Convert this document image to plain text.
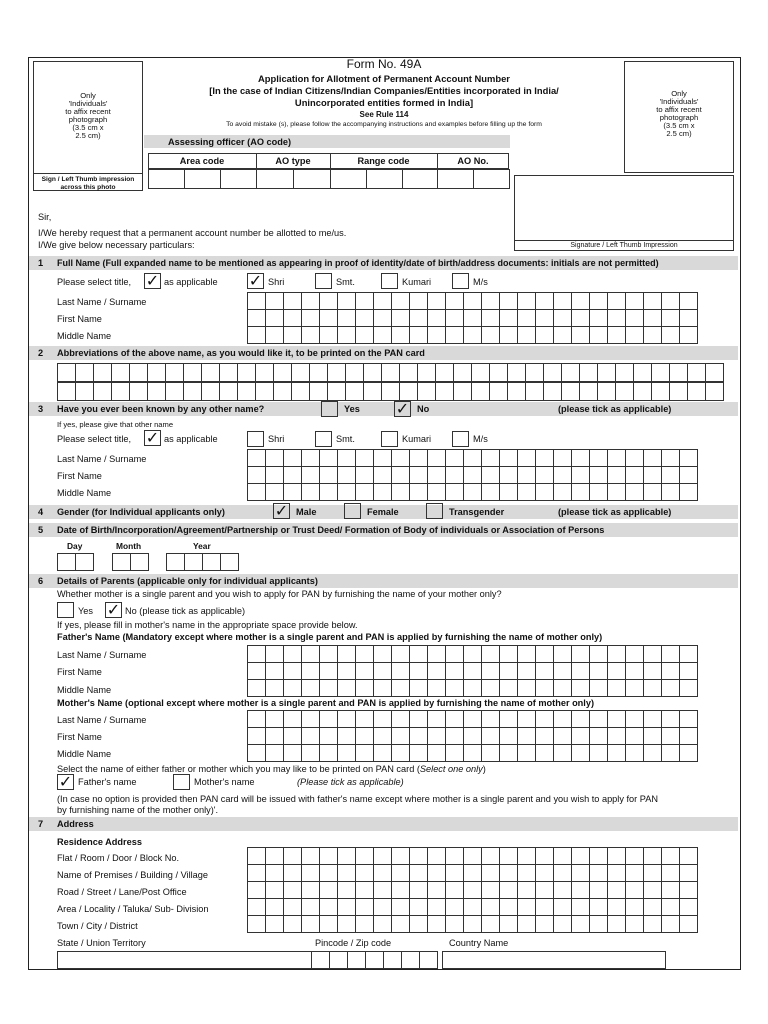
Form No. 49A
Application for Allotment of Permanent Account Number
[In the case of Indian Citizens/Indian Companies/Entities incorporated in India/
Unincorporated entities formed in India]
See Rule 114
To avoid mistake (s), please follow the accompanying instructions and examples before filling up the form
Only
'Individuals'
to affix recent
photograph
(3.5 cm x
2.5 cm)
Sign / Left Thumb impression
across this photo
Only
'Individuals'
to affix recent
photograph
(3.5 cm x
2.5 cm)
Assessing officer (AO code)
Area code	AO type	Range code	AO No.
Signature / Left Thumb Impression
Sir,
I/We hereby request that a permanent account number be allotted to me/us.
I/We give below necessary particulars:
1 Full Name (Full expanded name to be mentioned as appearing in proof of identity/date of birth/address documents: initials are not permitted)
Please select title, ✓ as applicable ✓ Shri	Smt.	Kumari	M/s
Last Name / Surname
First Name
Middle Name
2 Abbreviations of the above name, as you would like it, to be printed on the PAN card
3 Have you ever been known by any other name?	Yes ✓ No	(please tick as applicable)
If yes, please give that other name
Please select title, ✓ as applicable	Shri	Smt.	Kumari	M/s
Last Name / Surname
First Name
Middle Name
4 Gender (for Individual applicants only)	✓ Male	Female	Transgender	(please tick as applicable)
5 Date of Birth/Incorporation/Agreement/Partnership or Trust Deed/ Formation of Body of individuals or Association of Persons
Day	Month	Year
6 Details of Parents (applicable only for individual applicants)
Whether mother is a single parent and you wish to apply for PAN by furnishing the name of your mother only?
Yes ✓ No (please tick as applicable)
If yes, please fill in mother's name in the appropriate space provide below.
Father's Name (Mandatory except where mother is a single parent and PAN is applied by furnishing the name of mother only)
Last Name / Surname
First Name
Middle Name
Mother's Name (optional except where mother is a single parent and PAN is applied by furnishing the name of mother only)
Last Name / Surname
First Name
Middle Name
Select the name of either father or mother which you may like to be printed on PAN card (Select one only)
✓ Father's name	Mother's name	(Please tick as applicable)
(In case no option is provided then PAN card will be issued with father's name except where mother is a single parent and you wish to apply for PAN
by furnishing name of the mother only)'.
7 Address
Residence Address
Flat / Room / Door / Block No.
Name of Premises / Building / Village
Road / Street / Lane/Post Office
Area / Locality / Taluka/ Sub- Division
Town / City / District
State / Union Territory	Pincode / Zip code	Country Name
